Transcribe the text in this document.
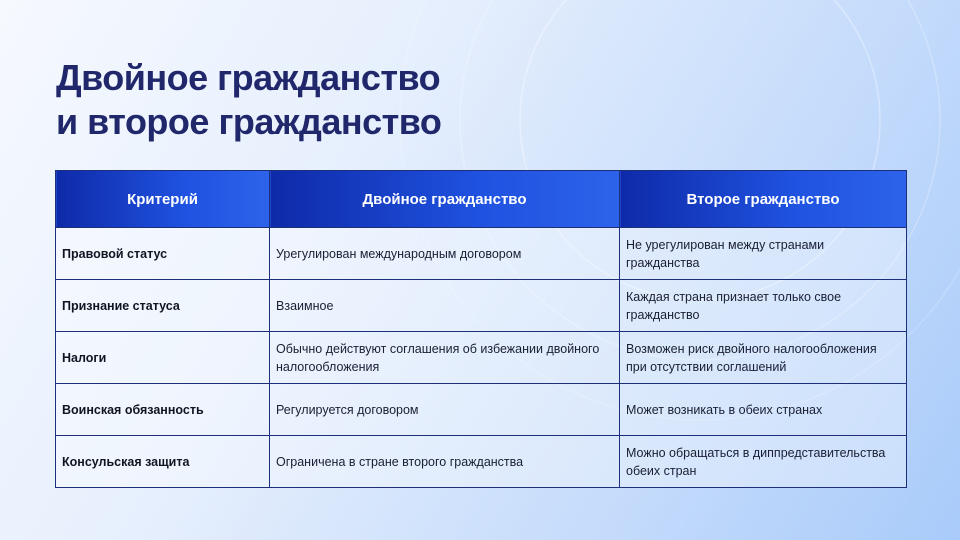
Двойное гражданство
и второе гражданство
Критерий	Двойное гражданство	Второе гражданство
Правовой статус	Урегулирован международным договором	Не урегулирован между странами гражданства
Признание статуса	Взаимное	Каждая страна признает только свое гражданство
Налоги	Обычно действуют соглашения об избежании двойного налогообложения	Возможен риск двойного налогообложения при отсутствии соглашений
Воинская обязанность	Регулируется договором	Может возникать в обеих странах
Консульская защита	Ограничена в стране второго гражданства	Можно обращаться в диппредставительства обеих стран
